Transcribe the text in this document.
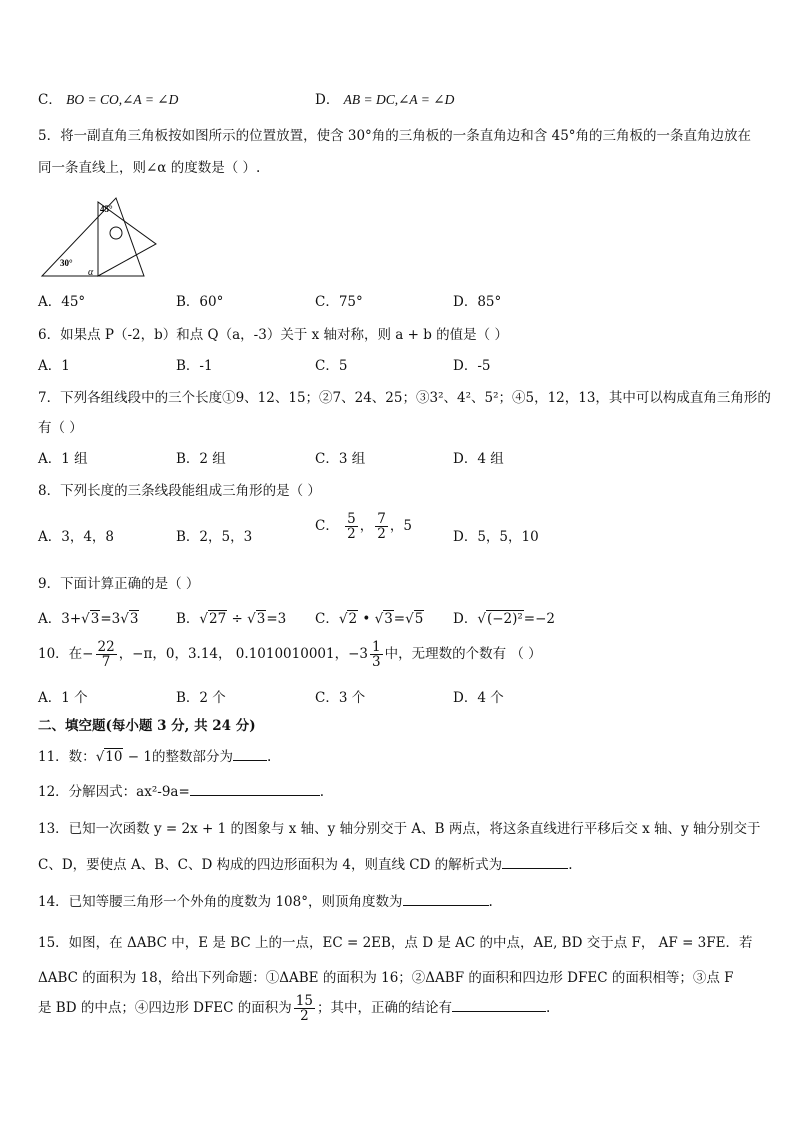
C． BO = CO,∠A = ∠D	D． AB = DC,∠A = ∠D
5．将一副直角三角板按如图所示的位置放置，使含 30°角的三角板的一条直角边和含 45°角的三角板的一条直角边放在
同一条直线上，则∠α 的度数是（ ）.
45°
30°
α
A．45°	B．60°	C．75°	D．85°
6．如果点 P（-2，b）和点 Q（a，-3）关于 x 轴对称，则 a + b 的值是（ ）
A．1	B．-1	C．5	D．-5
7．下列各组线段中的三个长度①9、12、15；②7、24、25；③3²、4²、5²；④5，12，13，其中可以构成直角三角形的
有（ ）
A．1 组	B．2 组	C．3 组	D．4 组
8．下列长度的三条线段能组成三角形的是（ ）
A．3，4，8	B．2，5，3
C． $\frac{5}{2}$ ， $\frac{7}{2}$ ，5
D．5，5，10
9．下面计算正确的是（ ）
A．3+√3=3√3	B．√27 ÷ √3=3 C．√2 • √3=√5 D．√(−2)²=−2
10．在− $\frac{22}{7}$ ，−π，0，3.14， 0.1010010001，$-3 \frac{1}{3}$ 中，无理数的个数有 （ ）
A．1 个	B．2 个	C．3 个	D．4 个
二、填空题(每小题 3 分, 共 24 分)
11．数：√10 − 1的整数部分为	.
12．分解因式：ax²-9a=	.
13．已知一次函数 y = 2x + 1 的图象与 x 轴、y 轴分别交于 A、B 两点，将这条直线进行平移后交 x 轴、y 轴分别交于
C、D，要使点 A、B、C、D 构成的四边形面积为 4，则直线 CD 的解析式为	.
14．已知等腰三角形一个外角的度数为 108°，则顶角度数为	.
15．如图，在 ΔABC 中，E 是 BC 上的一点，EC = 2EB，点 D 是 AC 的中点，AE, BD 交于点 F， AF = 3FE．若
ΔABC 的面积为 18，给出下列命题：①ΔABE 的面积为 16；②ΔABF 的面积和四边形 DFEC 的面积相等；③点 F
是 BD 的中点；④四边形 DFEC 的面积为 $\frac{15}{2}$ ；其中，正确的结论有	.
